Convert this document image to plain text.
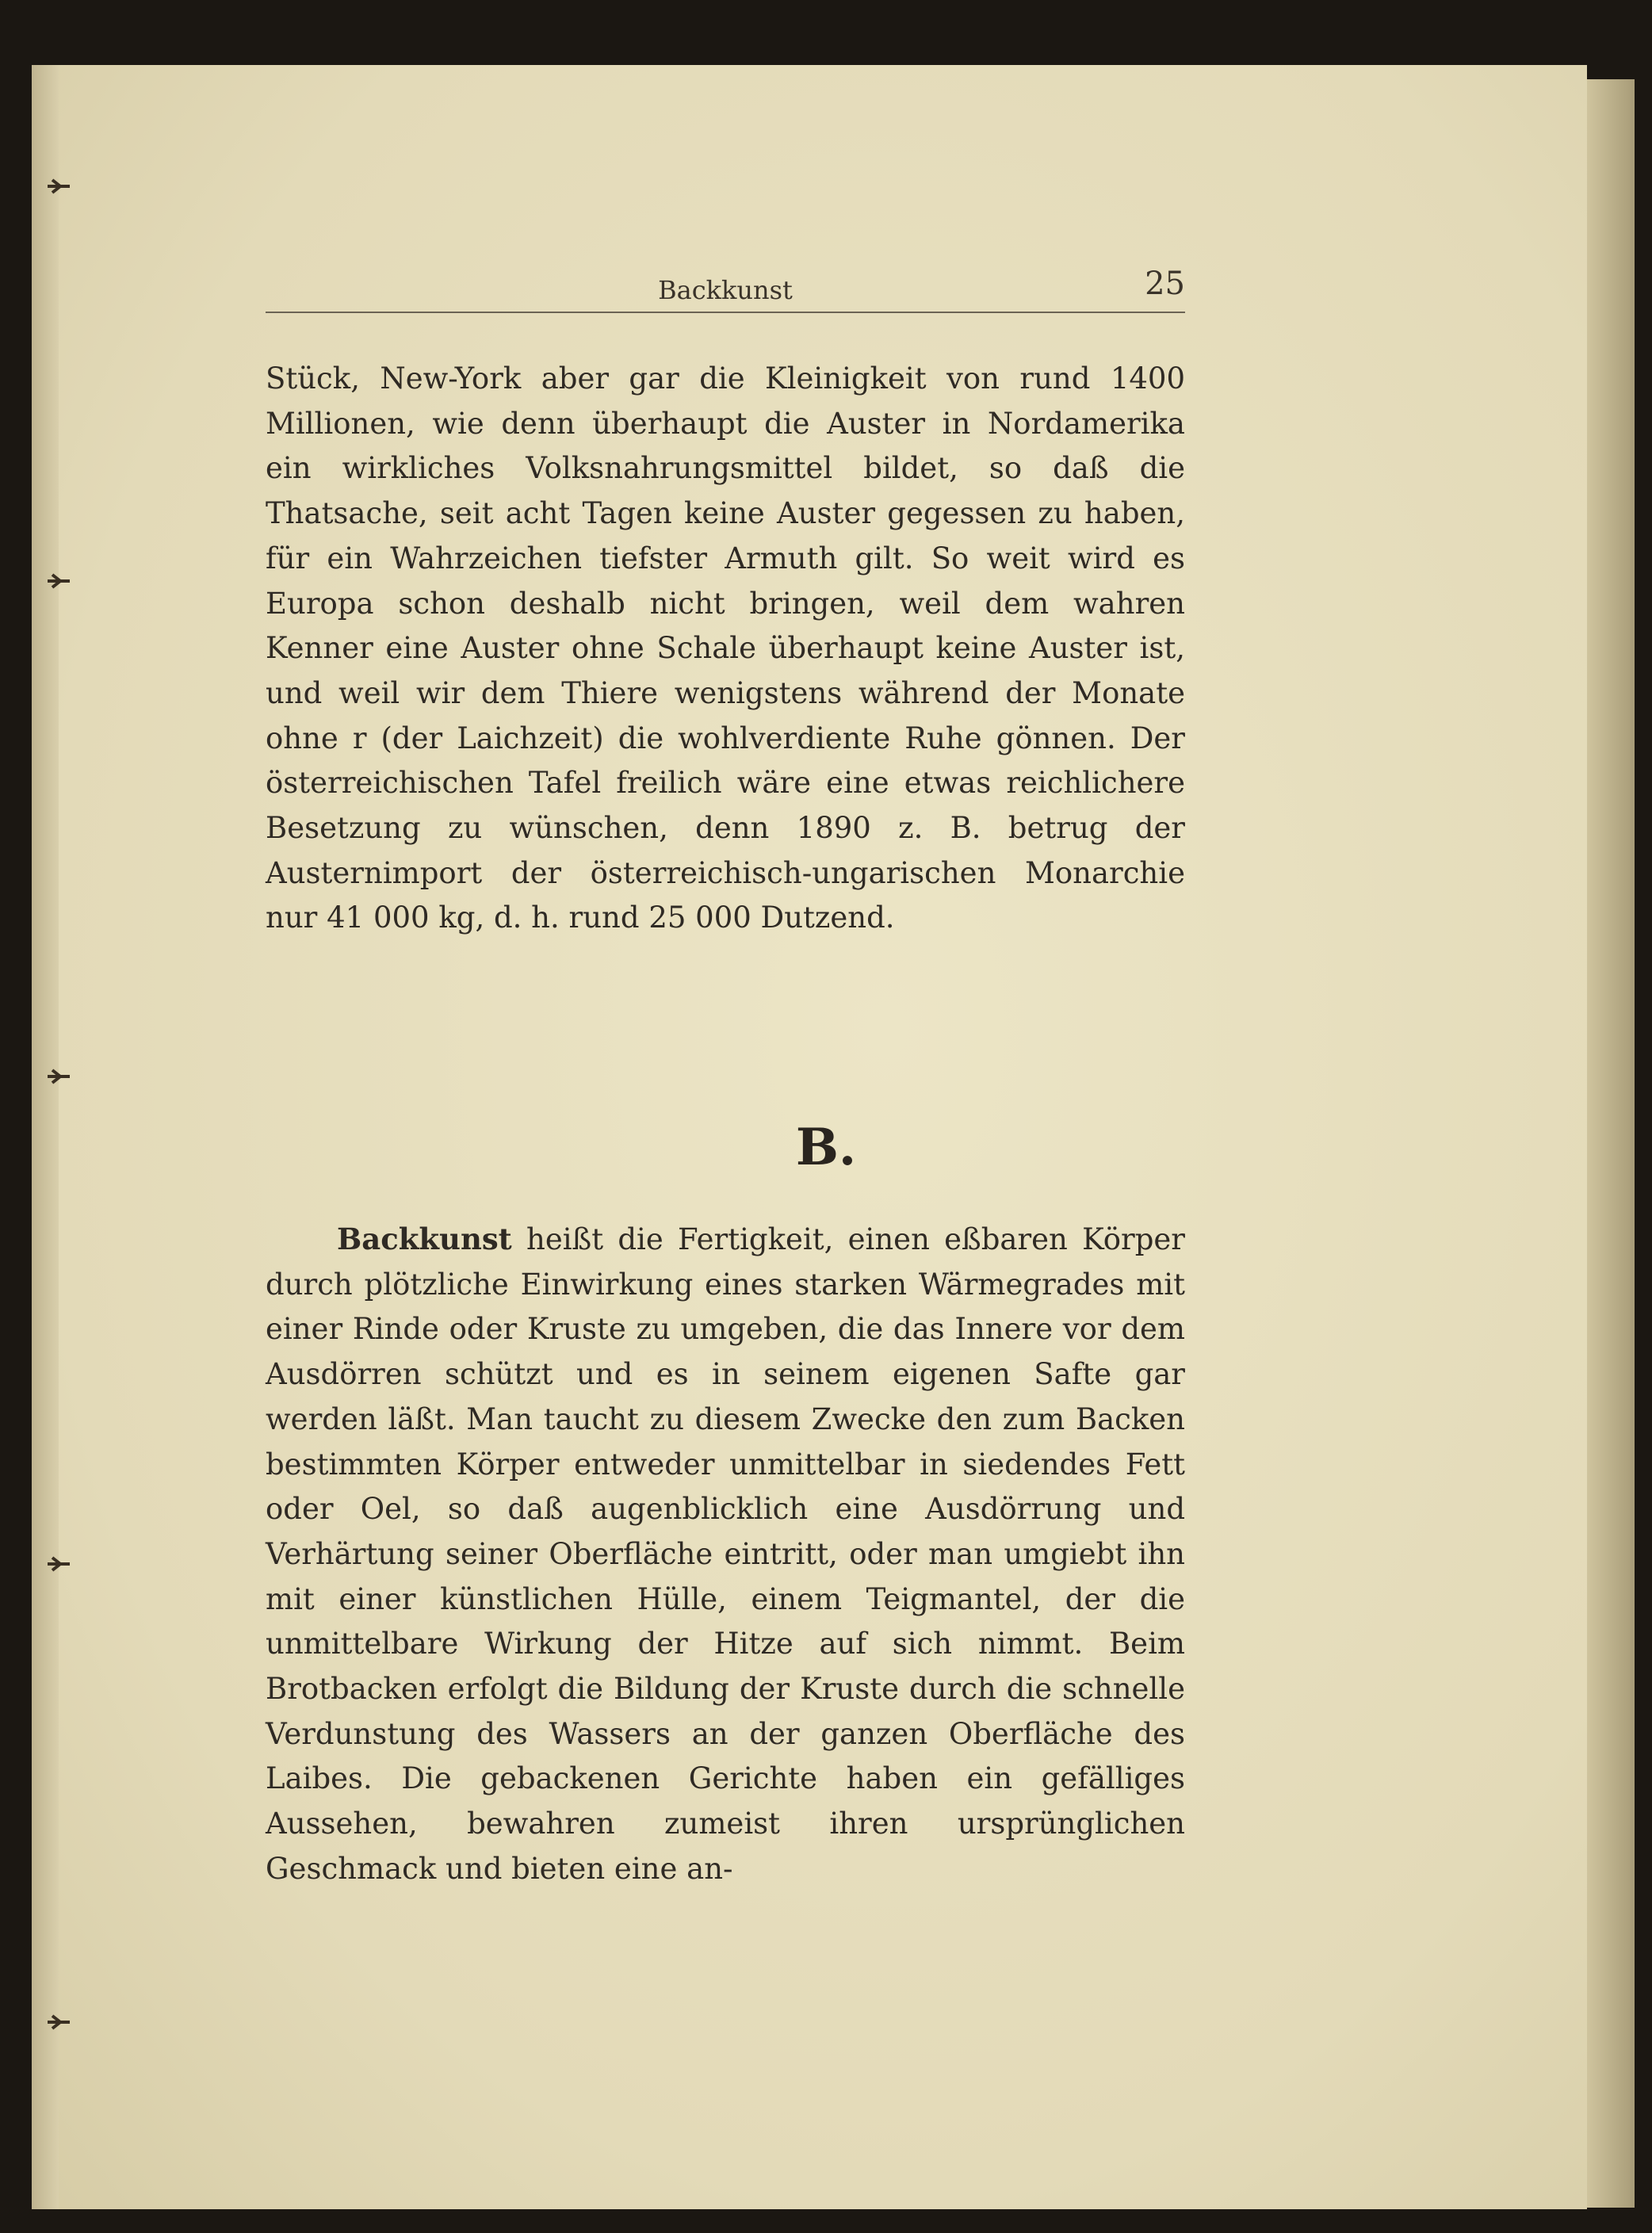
Backkunst	25

Stück, New-York aber gar die Kleinigkeit von rund 1400 Millionen, wie denn überhaupt die Auster in Nordamerika ein wirkliches Volksnahrungsmittel bildet, so daß die Thatsache, seit acht Tagen keine Auster gegessen zu haben, für ein Wahrzeichen tiefster Armuth gilt. So weit wird es Europa schon deshalb nicht bringen, weil dem wahren Kenner eine Auster ohne Schale überhaupt keine Auster ist, und weil wir dem Thiere wenigstens während der Monate ohne r (der Laichzeit) die wohlverdiente Ruhe gönnen. Der österreichischen Tafel freilich wäre eine etwas reichlichere Besetzung zu wünschen, denn 1890 z. B. betrug der Austernimport der österreichisch-ungarischen Monarchie nur 41 000 kg, d. h. rund 25 000 Dutzend.

B.

Backkunst heißt die Fertigkeit, einen eßbaren Körper durch plötzliche Einwirkung eines starken Wärmegrades mit einer Rinde oder Kruste zu umgeben, die das Innere vor dem Ausdörren schützt und es in seinem eigenen Safte gar werden läßt. Man taucht zu diesem Zwecke den zum Backen bestimmten Körper entweder unmittelbar in siedendes Fett oder Oel, so daß augenblicklich eine Ausdörrung und Verhärtung seiner Oberfläche eintritt, oder man umgiebt ihn mit einer künstlichen Hülle, einem Teigmantel, der die unmittelbare Wirkung der Hitze auf sich nimmt. Beim Brotbacken erfolgt die Bildung der Kruste durch die schnelle Verdunstung des Wassers an der ganzen Oberfläche des Laibes. Die gebackenen Gerichte haben ein gefälliges Aussehen, bewahren zumeist ihren ursprünglichen Geschmack und bieten eine an-
